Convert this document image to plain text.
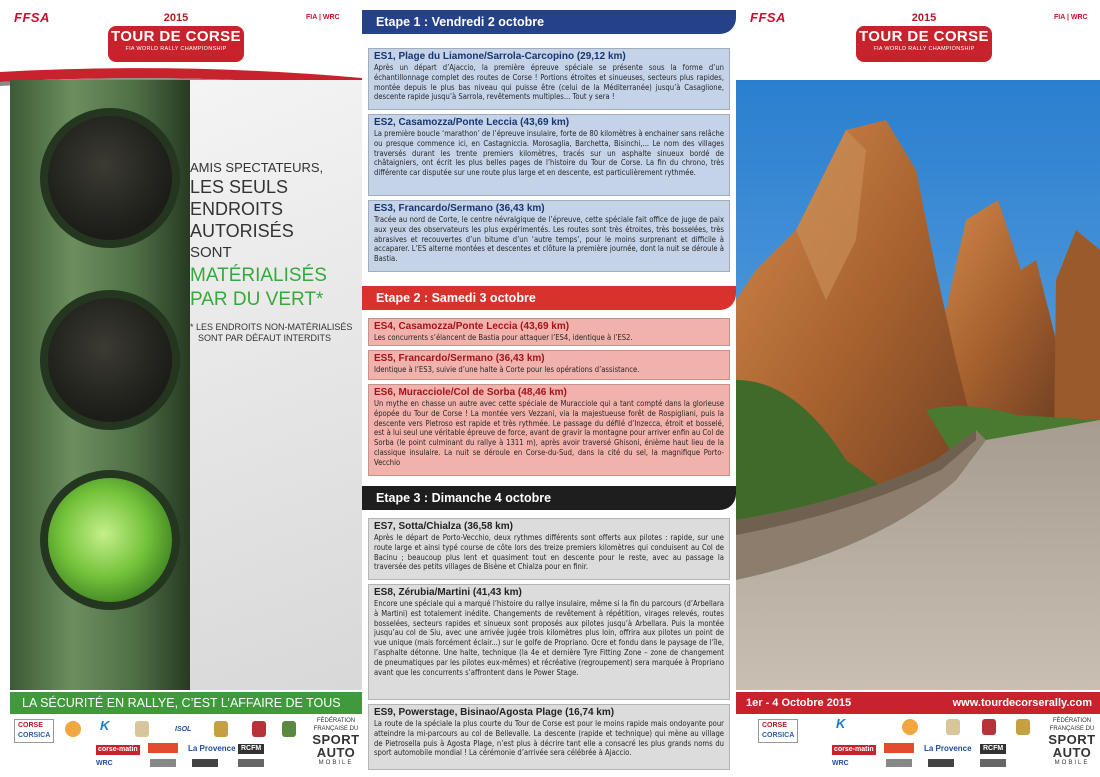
FFSA	FIA | WRC
2015
TOUR DE CORSE
FIA WORLD RALLY CHAMPIONSHIP
AMIS SPECTATEURS,
LES SEULS
ENDROITS
AUTORISÉS
SONT
MATÉRIALISÉS
PAR DU VERT*
* LES ENDROITS NON-MATÉRIALISÉS
SONT PAR DÉFAUT INTERDITS
LA SÉCURITÉ EN RALLYE, C’EST L’AFFAIRE DE TOUS
CORSE
CORSICA
K	ISOL
corse-matin	La Provence RCFM
WRC
FÉDÉRATION
FRANÇAISE DU
SPORT
AUTO
MOBILE
Etape 1 : Vendredi 2 octobre
ES1, Plage du Liamone/Sarrola-Carcopino (29,12 km)
Après un départ d’Ajaccio, la première épreuve spéciale se présente sous la forme d’un échantillonnage complet des routes de Corse ! Portions étroites et sinueuses, secteurs plus rapides, montée depuis le plus bas niveau qui puisse être (celui de la Méditerranée) jusqu’à Casaglione, descente rapide jusqu’à Sarrola, revêtements multiples... Tout y sera !
ES2, Casamozza/Ponte Leccia (43,69 km)
La première boucle ‘marathon’ de l’épreuve insulaire, forte de 80 kilomètres à enchainer sans relâche ou presque commence ici, en Castagniccia. Morosaglia, Barchetta, Bisinchi,... Le nom des villages traversés durant les trente premiers kilomètres, tracés sur un asphalte sinueux bordé de châtaigniers, ont écrit les plus belles pages de l’histoire du Tour de Corse. La fin du chrono, très différente car disputée sur une route plus large et en descente, est particulièrement rythmée.
ES3, Francardo/Sermano (36,43 km)
Tracée au nord de Corte, le centre névralgique de l’épreuve, cette spéciale fait office de juge de paix aux yeux des observateurs les plus expérimentés. Les routes sont très étroites, très bosselées, très abrasives et recouvertes d’un bitume d’un ‘autre temps’, pour le moins surprenant et difficile à accaparer. L’ES alterne montées et descentes et clôture la première journée, dont la nuit se déroule à Bastia.
Etape 2 : Samedi 3 octobre
ES4, Casamozza/Ponte Leccia (43,69 km)
Les concurrents s’élancent de Bastia pour attaquer l’ES4, identique à l’ES2.
ES5, Francardo/Sermano (36,43 km)
Identique à l’ES3, suivie d’une halte à Corte pour les opérations d’assistance.
ES6, Muracciole/Col de Sorba (48,46 km)
Un mythe en chasse un autre avec cette spéciale de Muracciole qui a tant compté dans la glorieuse épopée du Tour de Corse ! La montée vers Vezzani, via la majestueuse forêt de Rospigliani, puis la descente vers Pietroso est rapide et très rythmée. Le passage du défilé d’Inzecca, étroit et bosselé, est à lui seul une véritable épreuve de force, avant de gravir la montagne pour arriver enfin au Col de Sorba (le point culminant du rallye à 1311 m), après avoir traversé Ghisoni, énième haut lieu de la classique insulaire. La nuit se déroule en Corse-du-Sud, dans la cité du sel, la magnifique Porto-Vecchio
Etape 3 : Dimanche 4 octobre
ES7, Sotta/Chialza (36,58 km)
Après le départ de Porto-Vecchio, deux rythmes différents sont offerts aux pilotes : rapide, sur une route large et ainsi typé course de côte lors des treize premiers kilomètres qui conduisent au Col de Bacinu ; beaucoup plus lent et quasiment tout en descente pour le reste, avec au passage la traversée des petits villages de Bisène et Chialza pour en finir.
ES8, Zérubia/Martini (41,43 km)
Encore une spéciale qui a marqué l’histoire du rallye insulaire, même si la fin du parcours (d’Arbellara à Martini) est totalement inédite. Changements de revêtement à répétition, virages relevés, routes bosselées, secteurs rapides et sinueux sont proposés aux pilotes jusqu’à Arbellara. Puis la montée jusqu’au col de Siu, avec une arrivée jugée trois kilomètres plus loin, offrira aux pilotes un point de vue unique (mais forcément éclair...) sur le golfe de Propriano. Ocre et fondu dans le paysage de l’île, l’asphalte détonne. Une halte, technique (la 4e et dernière Tyre Fitting Zone – zone de changement de pneumatiques par les pilotes eux-mêmes) et récréative (regroupement) sera marquée à Propriano avant que les concurrents s’affrontent dans le Power Stage.
ES9, Powerstage, Bisinao/Agosta Plage (16,74 km)
La route de la spéciale la plus courte du Tour de Corse est pour le moins rapide mais ondoyante pour atteindre la mi-parcours au col de Bellevalle. La descente (rapide et technique) qui mène au village de Pietrosella puis à Agosta Plage, n’est plus à décrire tant elle a consacré les plus grands noms du sport automobile mondial ! La cérémonie d’arrivée sera célébrée à Ajaccio.
FFSA	FIA | WRC
2015
TOUR DE CORSE
FIA WORLD RALLY CHAMPIONSHIP
1er - 4 Octobre 2015	www.tourdecorserally.com
CORSE
CORSICA
K
corse-matin	La Provence	RCFM
WRC
FÉDÉRATION
FRANÇAISE DU
SPORT
AUTO
MOBILE
